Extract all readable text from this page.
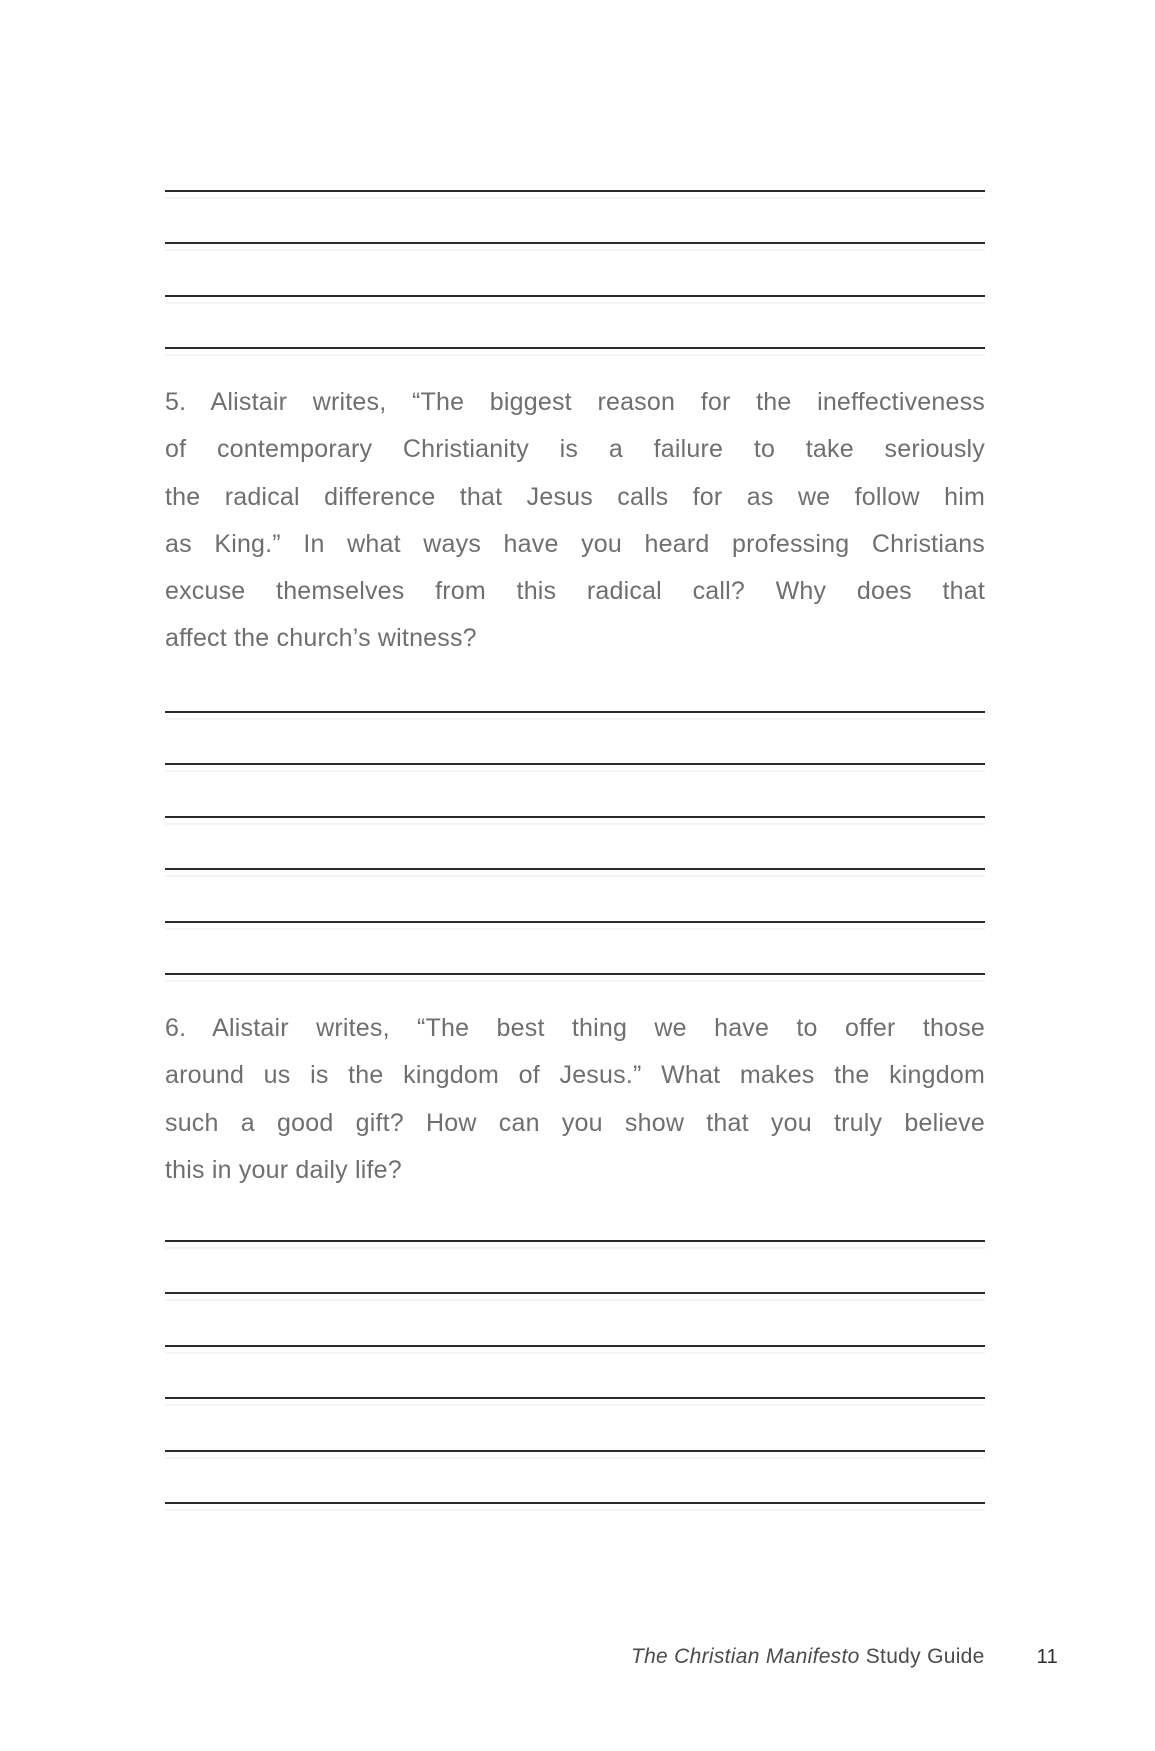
5. Alistair writes, “The biggest reason for the ineffectiveness
of contemporary Christianity is a failure to take seriously
the radical difference that Jesus calls for as we follow him
as King.” In what ways have you heard professing Christians
excuse themselves from this radical call? Why does that
affect the church’s witness?
6. Alistair writes, “The best thing we have to offer those
around us is the kingdom of Jesus.” What makes the kingdom
such a good gift? How can you show that you truly believe
this in your daily life?
The Christian Manifesto Study Guide	11
